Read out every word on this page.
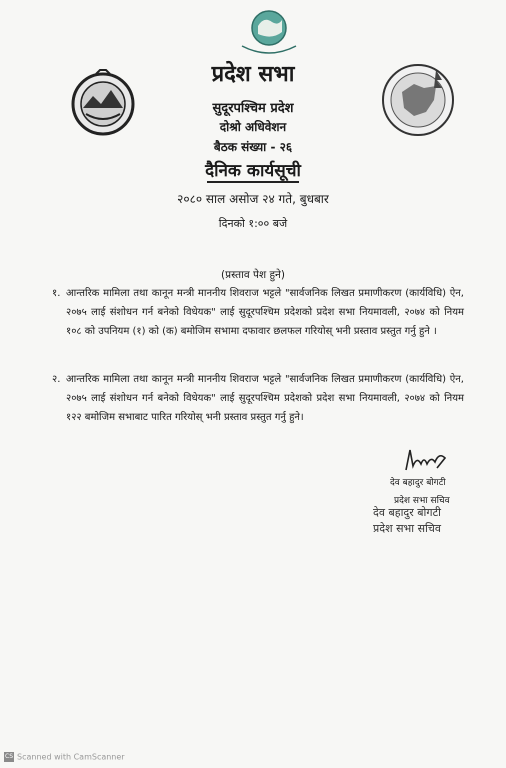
प्रदेश सभा
सुदूरपश्चिम प्रदेश
दोश्रो अधिवेशन
बैठक संख्या - २६
दैनिक कार्यसूची
२०८० साल असोज २४ गते, बुधबार
दिनको १:०० बजे
(प्रस्ताव पेश हुने)
१. आन्तरिक मामिला तथा कानून मन्त्री माननीय शिवराज भट्टले "सार्वजनिक लिखत प्रमाणीकरण (कार्यविधि) ऐन, २०७५ लाई संशोधन गर्न बनेको विधेयक" लाई सुदूरपश्चिम प्रदेशको प्रदेश सभा नियमावली, २०७४ को नियम १०८ को उपनियम (१) को (क) बमोजिम सभामा दफावार छलफल गरियोस् भनी प्रस्ताव प्रस्तुत गर्नु हुने ।
२. आन्तरिक मामिला तथा कानून मन्त्री माननीय शिवराज भट्टले "सार्वजनिक लिखत प्रमाणीकरण (कार्यविधि) ऐन, २०७५ लाई संशोधन गर्न बनेको विधेयक" लाई सुदूरपश्चिम प्रदेशको प्रदेश सभा नियमावली, २०७४ को नियम १२२ बमोजिम सभाबाट पारित गरियोस् भनी प्रस्ताव प्रस्तुत गर्नु हुने।
देव बहादुर बोगटी
प्रदेश सभा सचिव
देव बहादुर बोगटी
प्रदेश सभा सचिव
CS Scanned with CamScanner
